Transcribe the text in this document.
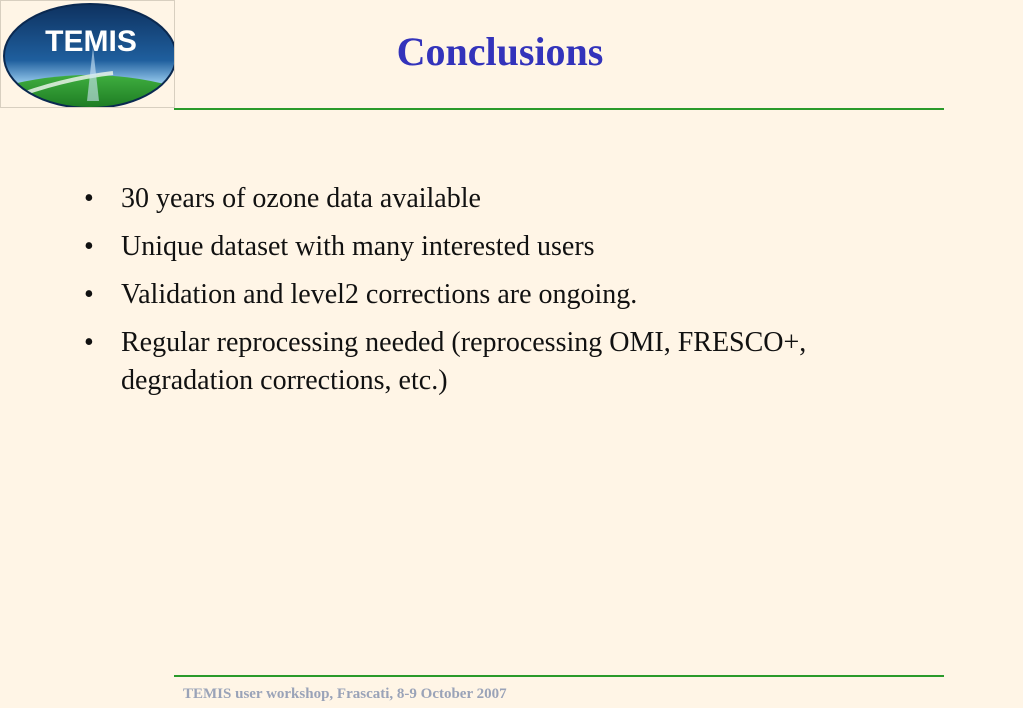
TEMIS	Conclusions
• 30 years of ozone data available
• Unique dataset with many interested users
• Validation and level2 corrections are ongoing.
• Regular reprocessing needed (reprocessing OMI, FRESCO+, degradation corrections, etc.)
TEMIS user workshop, Frascati, 8-9 October 2007
